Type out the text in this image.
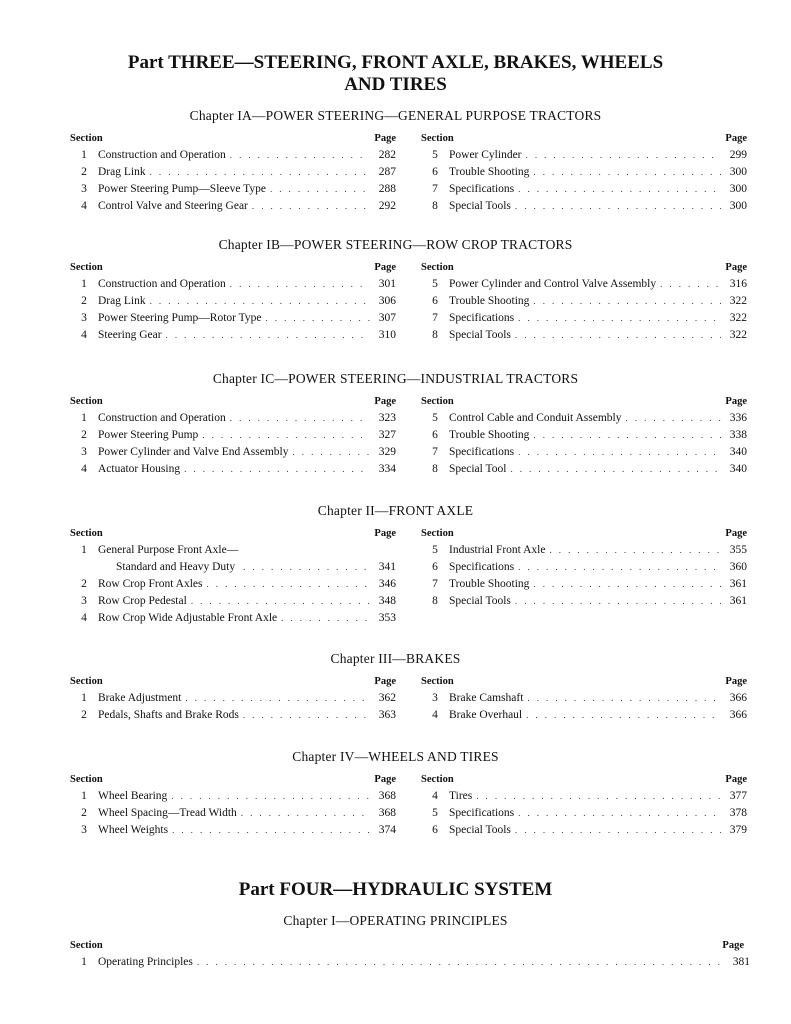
Part THREE—STEERING, FRONT AXLE, BRAKES, WHEELS
AND TIRES
Chapter IA—POWER STEERING—GENERAL PURPOSE TRACTORS
Section	Page
1 Construction and Operation . . .	282
2 Drag Link . . .	287
3 Power Steering Pump—Sleeve Type . . .	288
4 Control Valve and Steering Gear . . .	292
Section	Page
5 Power Cylinder . . .	299
6 Trouble Shooting . . .	300
7 Specifications . . .	300
8 Special Tools . . .	300
Chapter IB—POWER STEERING—ROW CROP TRACTORS
Section	Page
1 Construction and Operation . . .	301
2 Drag Link . . .	306
3 Power Steering Pump—Rotor Type . . .	307
4 Steering Gear . . .	310
Section	Page
5 Power Cylinder and Control Valve Assembly . . .	316
6 Trouble Shooting . . .	322
7 Specifications . . .	322
8 Special Tools . . .	322
Chapter IC—POWER STEERING—INDUSTRIAL TRACTORS
Section	Page
1 Construction and Operation . . .	323
2 Power Steering Pump . . .	327
3 Power Cylinder and Valve End Assembly . . .	329
4 Actuator Housing . . .	334
Section	Page
5 Control Cable and Conduit Assembly . . .	336
6 Trouble Shooting . . .	338
7 Specifications . . .	340
8 Special Tool . . .	340
Chapter II—FRONT AXLE
Section	Page
1 General Purpose Front Axle—
Standard and Heavy Duty . . .	341
2 Row Crop Front Axles . . .	346
3 Row Crop Pedestal . . .	348
4 Row Crop Wide Adjustable Front Axle . . .	353
Section	Page
5 Industrial Front Axle . . .	355
6 Specifications . . .	360
7 Trouble Shooting . . .	361
8 Special Tools . . .	361
Chapter III—BRAKES
Section	Page
1 Brake Adjustment . . .	362
2 Pedals, Shafts and Brake Rods . . .	363
Section	Page
3 Brake Camshaft . . .	366
4 Brake Overhaul . . .	366
Chapter IV—WHEELS AND TIRES
Section	Page
1 Wheel Bearing . . .	368
2 Wheel Spacing—Tread Width . . .	368
3 Wheel Weights . . .	374
Section	Page
4 Tires . . .	377
5 Specifications . . .	378
6 Special Tools . . .	379
Part FOUR—HYDRAULIC SYSTEM
Chapter I—OPERATING PRINCIPLES
Section	Page
1 Operating Principles . . .	381
